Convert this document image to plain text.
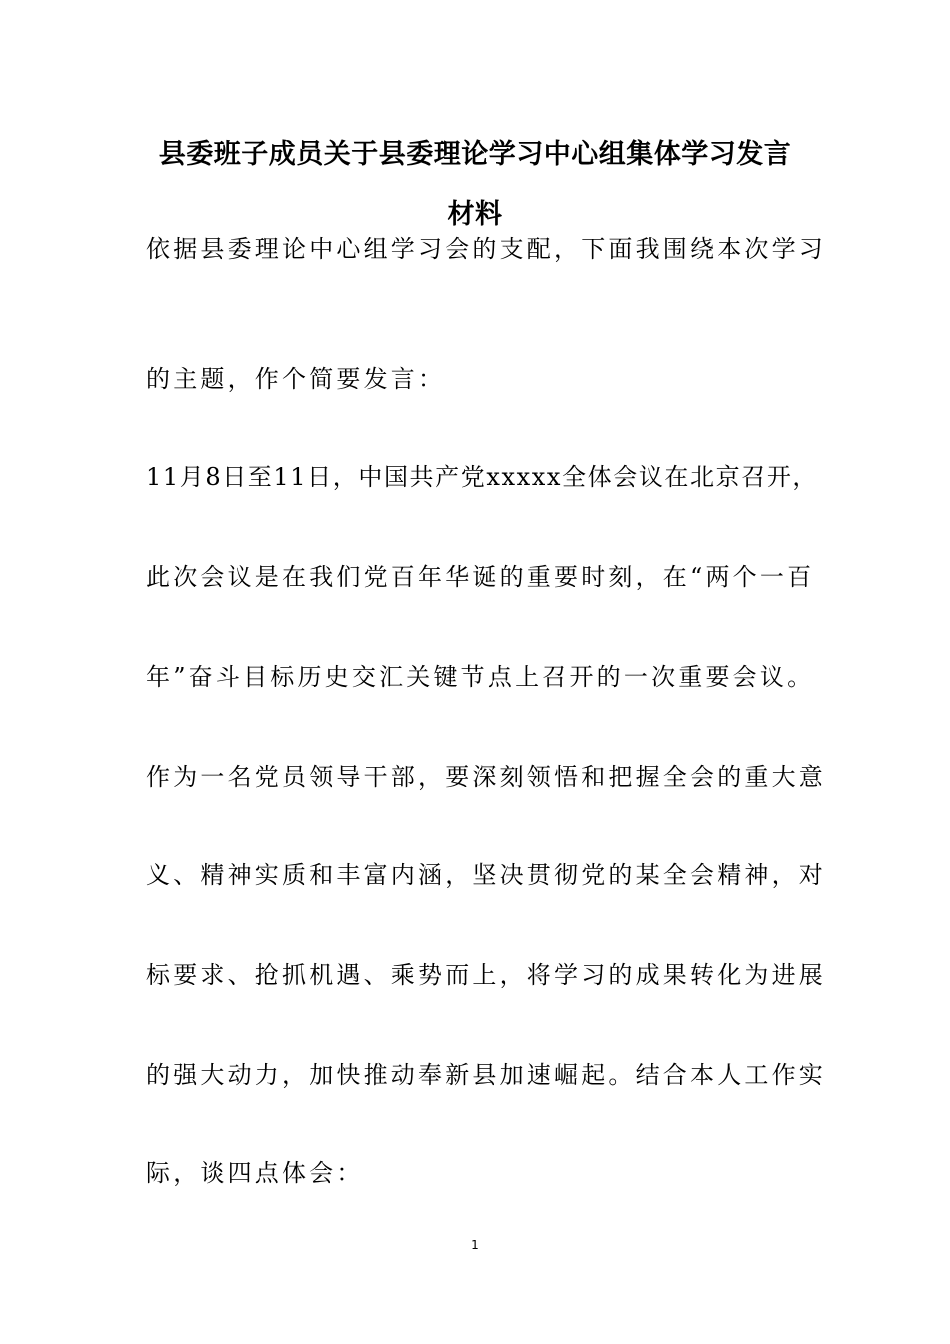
县委班子成员关于县委理论学习中心组集体学习发言
材料
依据县委理论中心组学习会的支配，下面我围绕本次学习
的主题，作个简要发言：
11月8日至11日，中国共产党xxxxx全体会议在北京召开，
此次会议是在我们党百年华诞的重要时刻，在“两个一百
年”奋斗目标历史交汇关键节点上召开的一次重要会议。
作为一名党员领导干部，要深刻领悟和把握全会的重大意
义、精神实质和丰富内涵，坚决贯彻党的某全会精神，对
标要求、抢抓机遇、乘势而上，将学习的成果转化为进展
的强大动力，加快推动奉新县加速崛起。结合本人工作实
际，谈四点体会：
1
